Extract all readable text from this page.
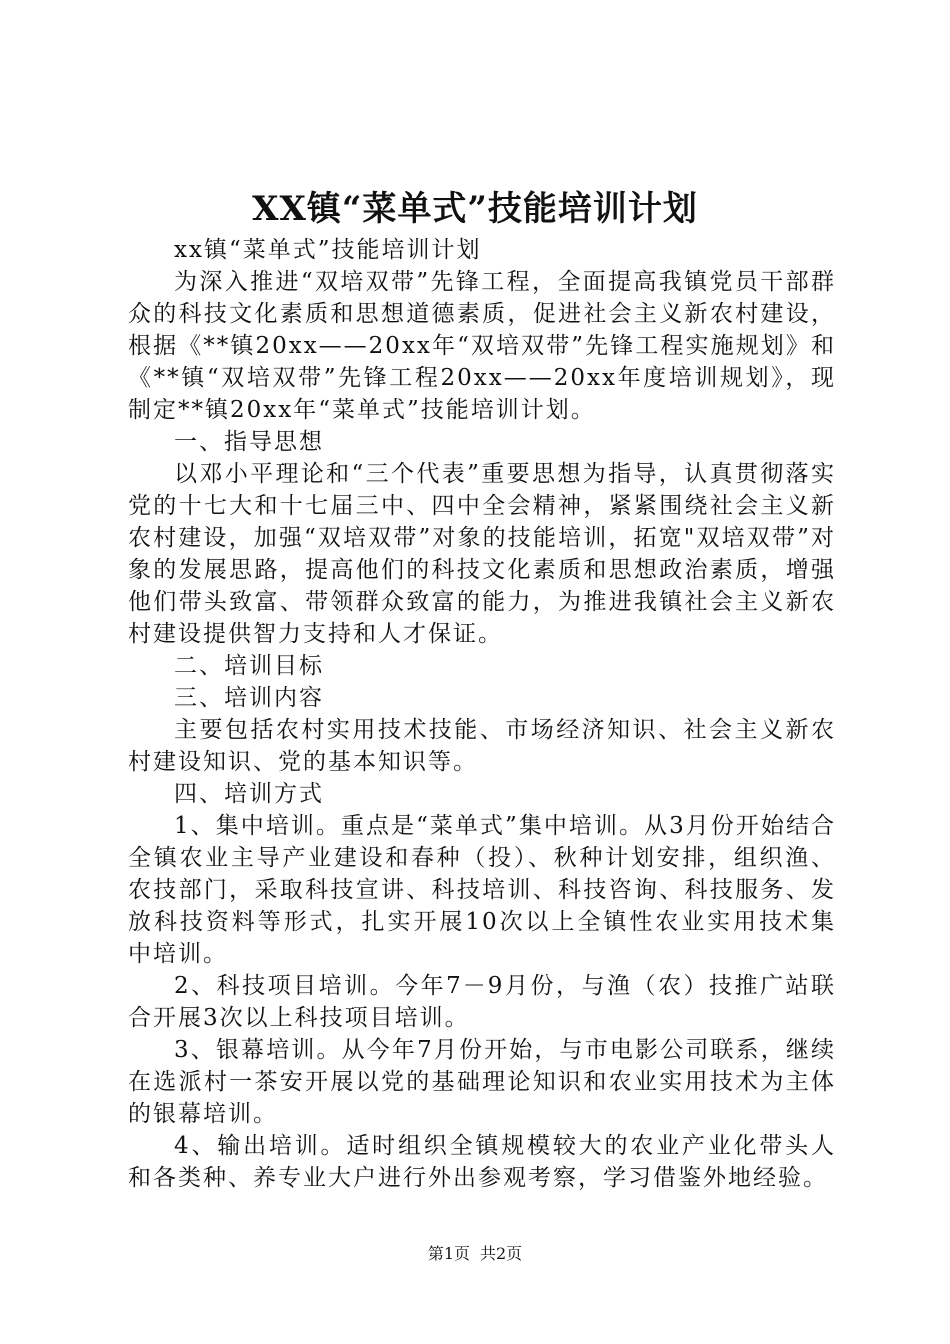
XX镇“菜单式”技能培训计划

xx镇“菜单式”技能培训计划

为深入推进“双培双带”先锋工程，全面提高我镇党员干部群众的科技文化素质和思想道德素质，促进社会主义新农村建设，根据《**镇20xx——20xx年“双培双带”先锋工程实施规划》和《**镇“双培双带”先锋工程20xx——20xx年度培训规划》，现制定**镇20xx年“菜单式”技能培训计划。

一、指导思想

以邓小平理论和“三个代表”重要思想为指导，认真贯彻落实党的十七大和十七届三中、四中全会精神，紧紧围绕社会主义新农村建设，加强“双培双带”对象的技能培训，拓宽"双培双带”对象的发展思路，提高他们的科技文化素质和思想政治素质，增强他们带头致富、带领群众致富的能力，为推进我镇社会主义新农村建设提供智力支持和人才保证。

二、培训目标

三、培训内容

主要包括农村实用技术技能、市场经济知识、社会主义新农村建设知识、党的基本知识等。

四、培训方式

1、集中培训。重点是“菜单式”集中培训。从3月份开始结合全镇农业主导产业建设和春种（投）、秋种计划安排，组织渔、农技部门，采取科技宣讲、科技培训、科技咨询、科技服务、发放科技资料等形式，扎实开展10次以上全镇性农业实用技术集中培训。

2、科技项目培训。今年7－9月份，与渔（农）技推广站联合开展3次以上科技项目培训。

3、银幕培训。从今年7月份开始，与市电影公司联系，继续在选派村一茶安开展以党的基础理论知识和农业实用技术为主体的银幕培训。

4、输出培训。适时组织全镇规模较大的农业产业化带头人和各类种、养专业大户进行外出参观考察，学习借鉴外地经验。

第1页 共2页
